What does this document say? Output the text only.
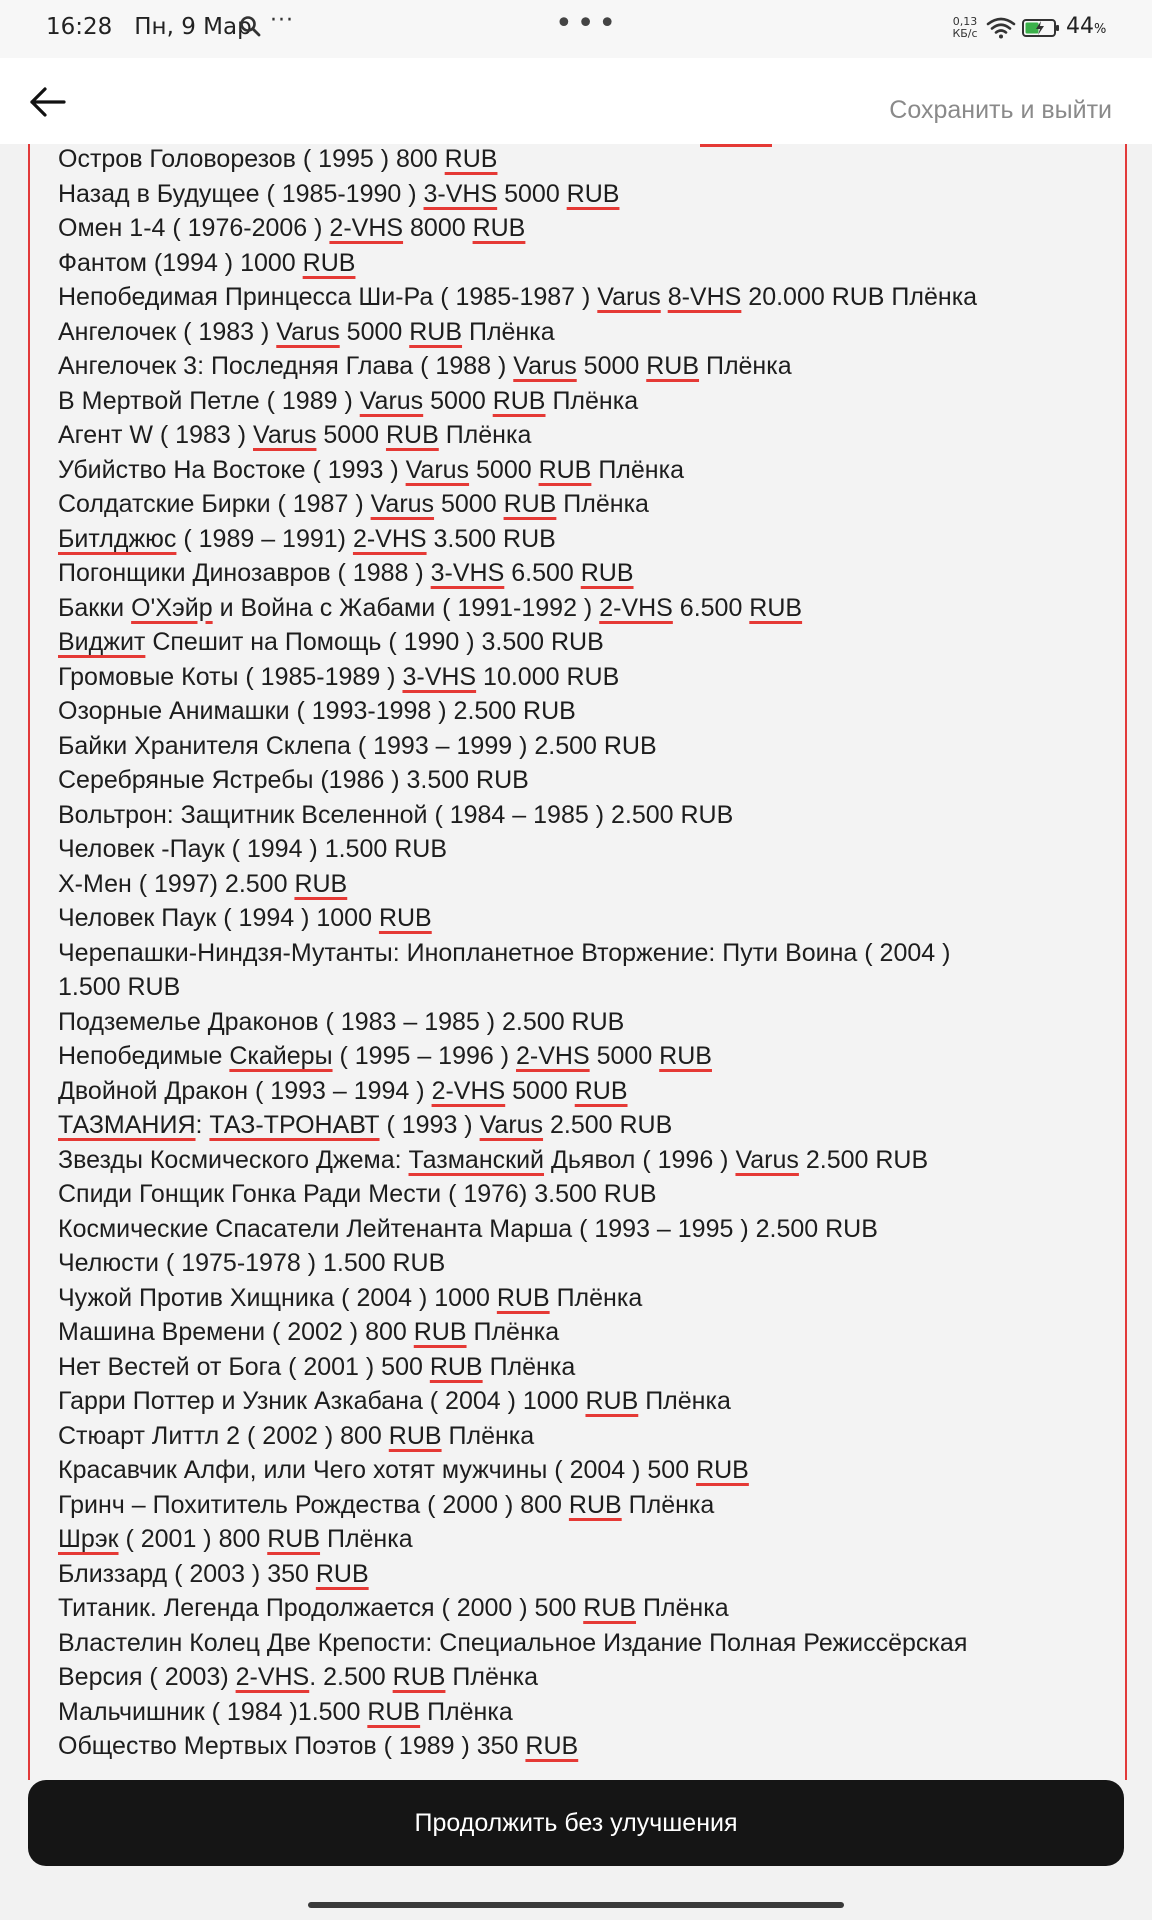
16:28 Пн, 9 Мар ···	•••	0,13
КБ/с	44%
Сохранить и выйти
Остров Головорезов ( 1995 ) 800 RUB
Назад в Будущее ( 1985-1990 ) 3-VHS 5000 RUB
Омен 1-4 ( 1976-2006 ) 2-VHS 8000 RUB
Фантом (1994 ) 1000 RUB
Непобедимая Принцесса Ши-Ра ( 1985-1987 ) Varus 8-VHS 20.000 RUB Плёнка
Ангелочек ( 1983 ) Varus 5000 RUB Плёнка
Ангелочек 3: Последняя Глава ( 1988 ) Varus 5000 RUB Плёнка
В Мертвой Петле ( 1989 ) Varus 5000 RUB Плёнка
Агент W ( 1983 ) Varus 5000 RUB Плёнка
Убийство На Востоке ( 1993 ) Varus 5000 RUB Плёнка
Солдатские Бирки ( 1987 ) Varus 5000 RUB Плёнка
Битлджюс ( 1989 – 1991) 2-VHS 3.500 RUB
Погонщики Динозавров ( 1988 ) 3-VHS 6.500 RUB
Бакки О'Хэйр и Война с Жабами ( 1991-1992 ) 2-VHS 6.500 RUB
Виджит Спешит на Помощь ( 1990 ) 3.500 RUB
Громовые Коты ( 1985-1989 ) 3-VHS 10.000 RUB
Озорные Анимашки ( 1993-1998 ) 2.500 RUB
Байки Хранителя Склепа ( 1993 – 1999 ) 2.500 RUB
Серебряные Ястребы (1986 ) 3.500 RUB
Вольтрон: Защитник Вселенной ( 1984 – 1985 ) 2.500 RUB
Человек -Паук ( 1994 ) 1.500 RUB
Х-Мен ( 1997) 2.500 RUB
Человек Паук ( 1994 ) 1000 RUB
Черепашки-Ниндзя-Мутанты: Инопланетное Вторжение: Пути Воина ( 2004 )
1.500 RUB
Подземелье Драконов ( 1983 – 1985 ) 2.500 RUB
Непобедимые Скайеры ( 1995 – 1996 ) 2-VHS 5000 RUB
Двойной Дракон ( 1993 – 1994 ) 2-VHS 5000 RUB
ТАЗМАНИЯ: ТАЗ-ТРОНАВТ ( 1993 ) Varus 2.500 RUB
Звезды Космического Джема: Тазманский Дьявол ( 1996 ) Varus 2.500 RUB
Спиди Гонщик Гонка Ради Мести ( 1976) 3.500 RUB
Космические Спасатели Лейтенанта Марша ( 1993 – 1995 ) 2.500 RUB
Челюсти ( 1975-1978 ) 1.500 RUB
Чужой Против Хищника ( 2004 ) 1000 RUB Плёнка
Машина Времени ( 2002 ) 800 RUB Плёнка
Нет Вестей от Бога ( 2001 ) 500 RUB Плёнка
Гарри Поттер и Узник Азкабана ( 2004 ) 1000 RUB Плёнка
Стюарт Литтл 2 ( 2002 ) 800 RUB Плёнка
Красавчик Алфи, или Чего хотят мужчины ( 2004 ) 500 RUB
Гринч – Похититель Рождества ( 2000 ) 800 RUB Плёнка
Шрэк ( 2001 ) 800 RUB Плёнка
Близзард ( 2003 ) 350 RUB
Титаник. Легенда Продолжается ( 2000 ) 500 RUB Плёнка
Властелин Колец Две Крепости: Специальное Издание Полная Режиссёрская
Версия ( 2003) 2-VHS. 2.500 RUB Плёнка
Мальчишник ( 1984 )1.500 RUB Плёнка
Общество Мертвых Поэтов ( 1989 ) 350 RUB
Продолжить без улучшения
